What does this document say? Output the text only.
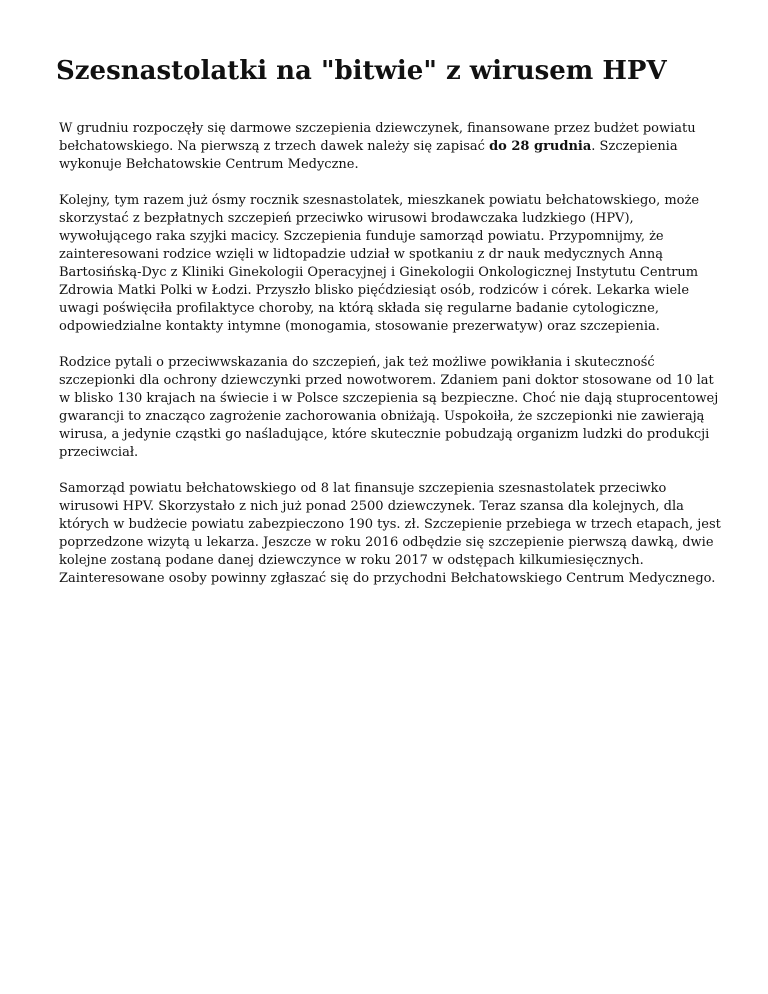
Szesnastolatki na "bitwie" z wirusem HPV

W grudniu rozpoczęły się darmowe szczepienia dziewczynek, finansowane przez budżet powiatu
bełchatowskiego. Na pierwszą z trzech dawek należy się zapisać do 28 grudnia. Szczepienia
wykonuje Bełchatowskie Centrum Medyczne.

Kolejny, tym razem już ósmy rocznik szesnastolatek, mieszkanek powiatu bełchatowskiego, może
skorzystać z bezpłatnych szczepień przeciwko wirusowi brodawczaka ludzkiego (HPV),
wywołującego raka szyjki macicy. Szczepienia funduje samorząd powiatu. Przypomnijmy, że
zainteresowani rodzice wzięli w lidtopadzie udział w spotkaniu z dr nauk medycznych Anną
Bartosińską-Dyc z Kliniki Ginekologii Operacyjnej i Ginekologii Onkologicznej Instytutu Centrum
Zdrowia Matki Polki w Łodzi. Przyszło blisko pięćdziesiąt osób, rodziców i córek. Lekarka wiele
uwagi poświęciła profilaktyce choroby, na którą składa się regularne badanie cytologiczne,
odpowiedzialne kontakty intymne (monogamia, stosowanie prezerwatyw) oraz szczepienia.

Rodzice pytali o przeciwwskazania do szczepień, jak też możliwe powikłania i skuteczność
szczepionki dla ochrony dziewczynki przed nowotworem. Zdaniem pani doktor stosowane od 10 lat
w blisko 130 krajach na świecie i w Polsce szczepienia są bezpieczne. Choć nie dają stuprocentowej
gwarancji to znacząco zagrożenie zachorowania obniżają. Uspokoiła, że szczepionki nie zawierają
wirusa, a jedynie cząstki go naśladujące, które skutecznie pobudzają organizm ludzki do produkcji
przeciwciał.

Samorząd powiatu bełchatowskiego od 8 lat finansuje szczepienia szesnastolatek przeciwko
wirusowi HPV. Skorzystało z nich już ponad 2500 dziewczynek. Teraz szansa dla kolejnych, dla
których w budżecie powiatu zabezpieczono 190 tys. zł. Szczepienie przebiega w trzech etapach, jest
poprzedzone wizytą u lekarza. Jeszcze w roku 2016 odbędzie się szczepienie pierwszą dawką, dwie
kolejne zostaną podane danej dziewczynce w roku 2017 w odstępach kilkumiesięcznych.
Zainteresowane osoby powinny zgłaszać się do przychodni Bełchatowskiego Centrum Medycznego.
